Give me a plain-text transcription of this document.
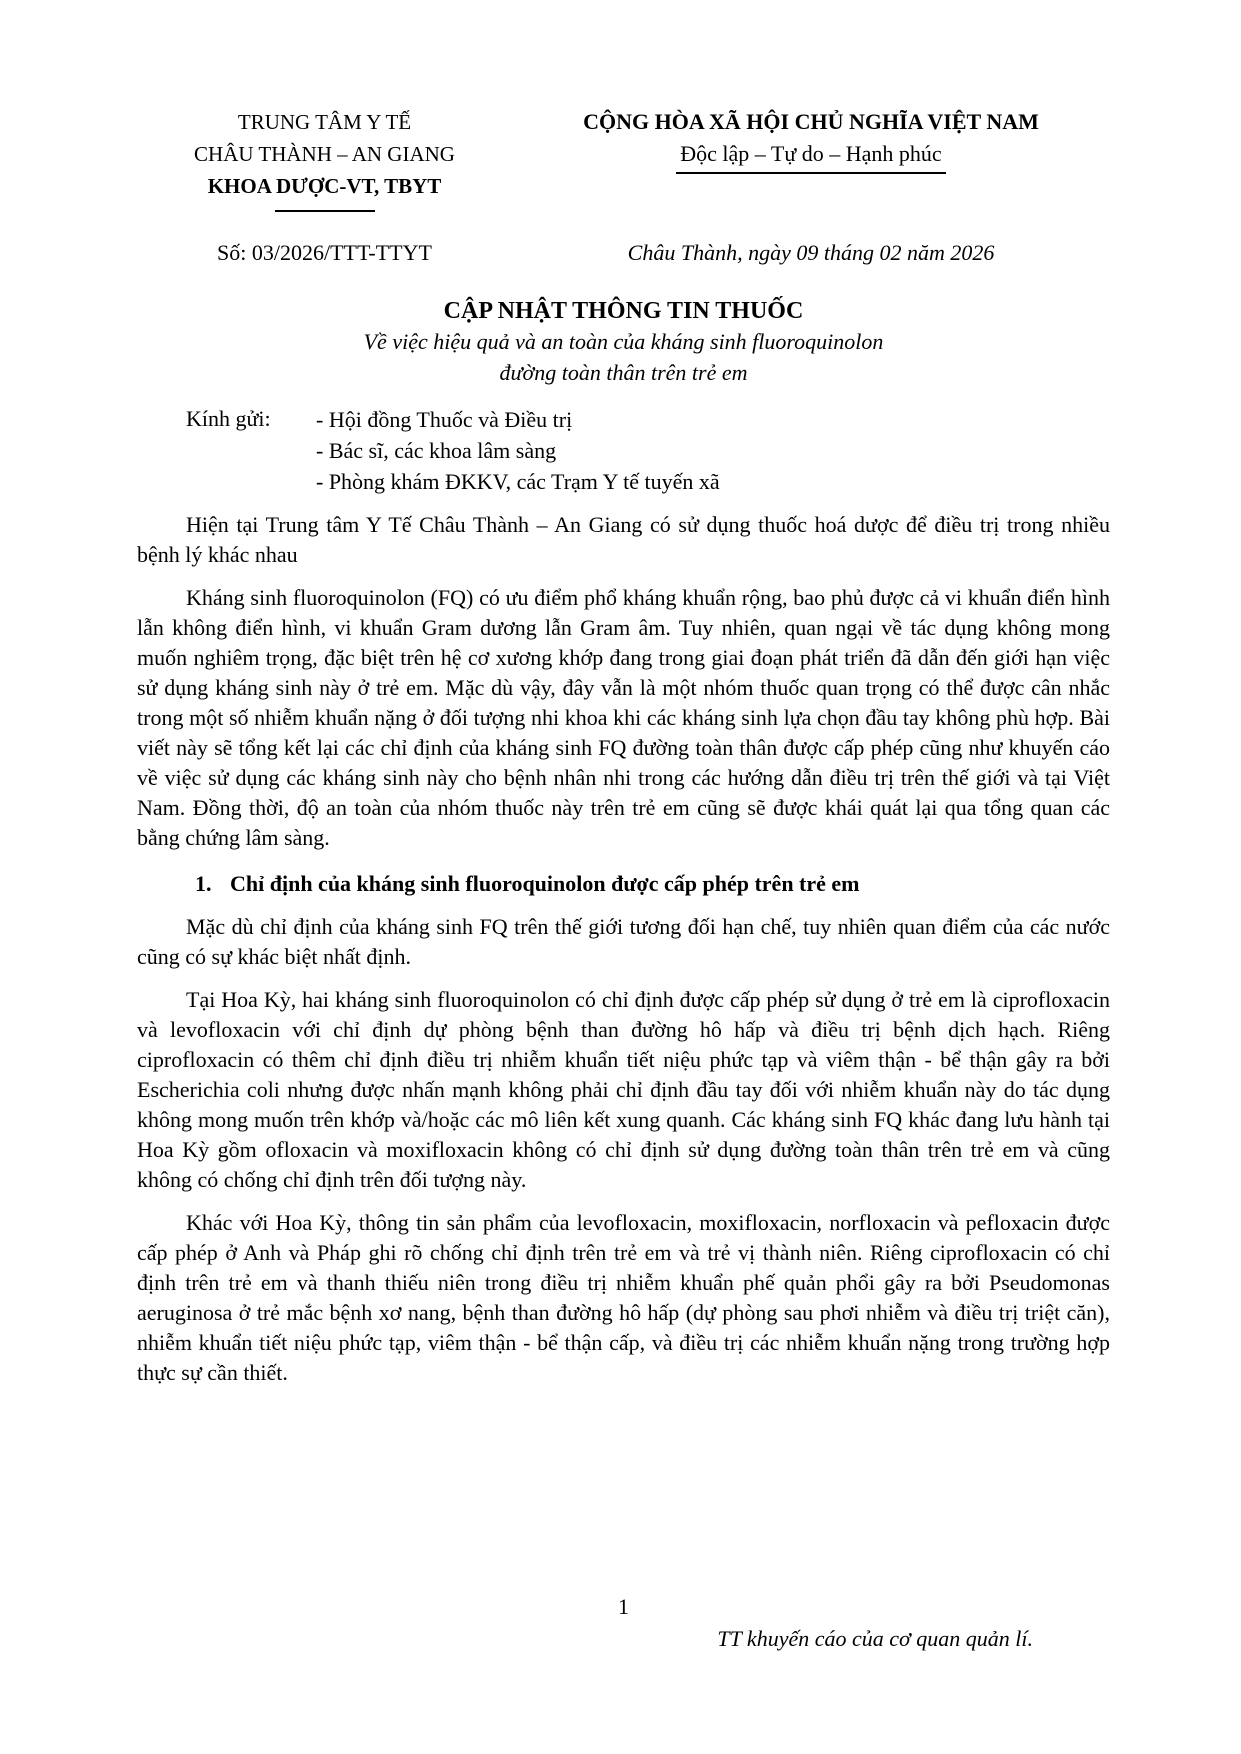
TRUNG TÂM Y TẾ
CHÂU THÀNH – AN GIANG
KHOA DƯỢC-VT, TBYT
CỘNG HÒA XÃ HỘI CHỦ NGHĨA VIỆT NAM
Độc lập – Tự do – Hạnh phúc
Số: 03/2026/TTT-TTYT	Châu Thành, ngày 09 tháng 02 năm 2026
CẬP NHẬT THÔNG TIN THUỐC
Về việc hiệu quả và an toàn của kháng sinh fluoroquinolon
đường toàn thân trên trẻ em
Kính gửi:	- Hội đồng Thuốc và Điều trị
- Bác sĩ, các khoa lâm sàng
- Phòng khám ĐKKV, các Trạm Y tế tuyến xã

Hiện tại Trung tâm Y Tế Châu Thành – An Giang có sử dụng thuốc hoá dược để điều trị trong nhiều bệnh lý khác nhau

Kháng sinh fluoroquinolon (FQ) có ưu điểm phổ kháng khuẩn rộng, bao phủ được cả vi khuẩn điển hình lẫn không điển hình, vi khuẩn Gram dương lẫn Gram âm. Tuy nhiên, quan ngại về tác dụng không mong muốn nghiêm trọng, đặc biệt trên hệ cơ xương khớp đang trong giai đoạn phát triển đã dẫn đến giới hạn việc sử dụng kháng sinh này ở trẻ em. Mặc dù vậy, đây vẫn là một nhóm thuốc quan trọng có thể được cân nhắc trong một số nhiễm khuẩn nặng ở đối tượng nhi khoa khi các kháng sinh lựa chọn đầu tay không phù hợp. Bài viết này sẽ tổng kết lại các chỉ định của kháng sinh FQ đường toàn thân được cấp phép cũng như khuyến cáo về việc sử dụng các kháng sinh này cho bệnh nhân nhi trong các hướng dẫn điều trị trên thế giới và tại Việt Nam. Đồng thời, độ an toàn của nhóm thuốc này trên trẻ em cũng sẽ được khái quát lại qua tổng quan các bằng chứng lâm sàng.

1. Chỉ định của kháng sinh fluoroquinolon được cấp phép trên trẻ em

Mặc dù chỉ định của kháng sinh FQ trên thế giới tương đối hạn chế, tuy nhiên quan điểm của các nước cũng có sự khác biệt nhất định.

Tại Hoa Kỳ, hai kháng sinh fluoroquinolon có chỉ định được cấp phép sử dụng ở trẻ em là ciprofloxacin và levofloxacin với chỉ định dự phòng bệnh than đường hô hấp và điều trị bệnh dịch hạch. Riêng ciprofloxacin có thêm chỉ định điều trị nhiễm khuẩn tiết niệu phức tạp và viêm thận - bể thận gây ra bởi Escherichia coli nhưng được nhấn mạnh không phải chỉ định đầu tay đối với nhiễm khuẩn này do tác dụng không mong muốn trên khớp và/hoặc các mô liên kết xung quanh. Các kháng sinh FQ khác đang lưu hành tại Hoa Kỳ gồm ofloxacin và moxifloxacin không có chỉ định sử dụng đường toàn thân trên trẻ em và cũng không có chống chỉ định trên đối tượng này.

Khác với Hoa Kỳ, thông tin sản phẩm của levofloxacin, moxifloxacin, norfloxacin và pefloxacin được cấp phép ở Anh và Pháp ghi rõ chống chỉ định trên trẻ em và trẻ vị thành niên. Riêng ciprofloxacin có chỉ định trên trẻ em và thanh thiếu niên trong điều trị nhiễm khuẩn phế quản phổi gây ra bởi Pseudomonas aeruginosa ở trẻ mắc bệnh xơ nang, bệnh than đường hô hấp (dự phòng sau phơi nhiễm và điều trị triệt căn), nhiễm khuẩn tiết niệu phức tạp, viêm thận - bể thận cấp, và điều trị các nhiễm khuẩn nặng trong trường hợp thực sự cần thiết.

1
TT khuyến cáo của cơ quan quản lí.
